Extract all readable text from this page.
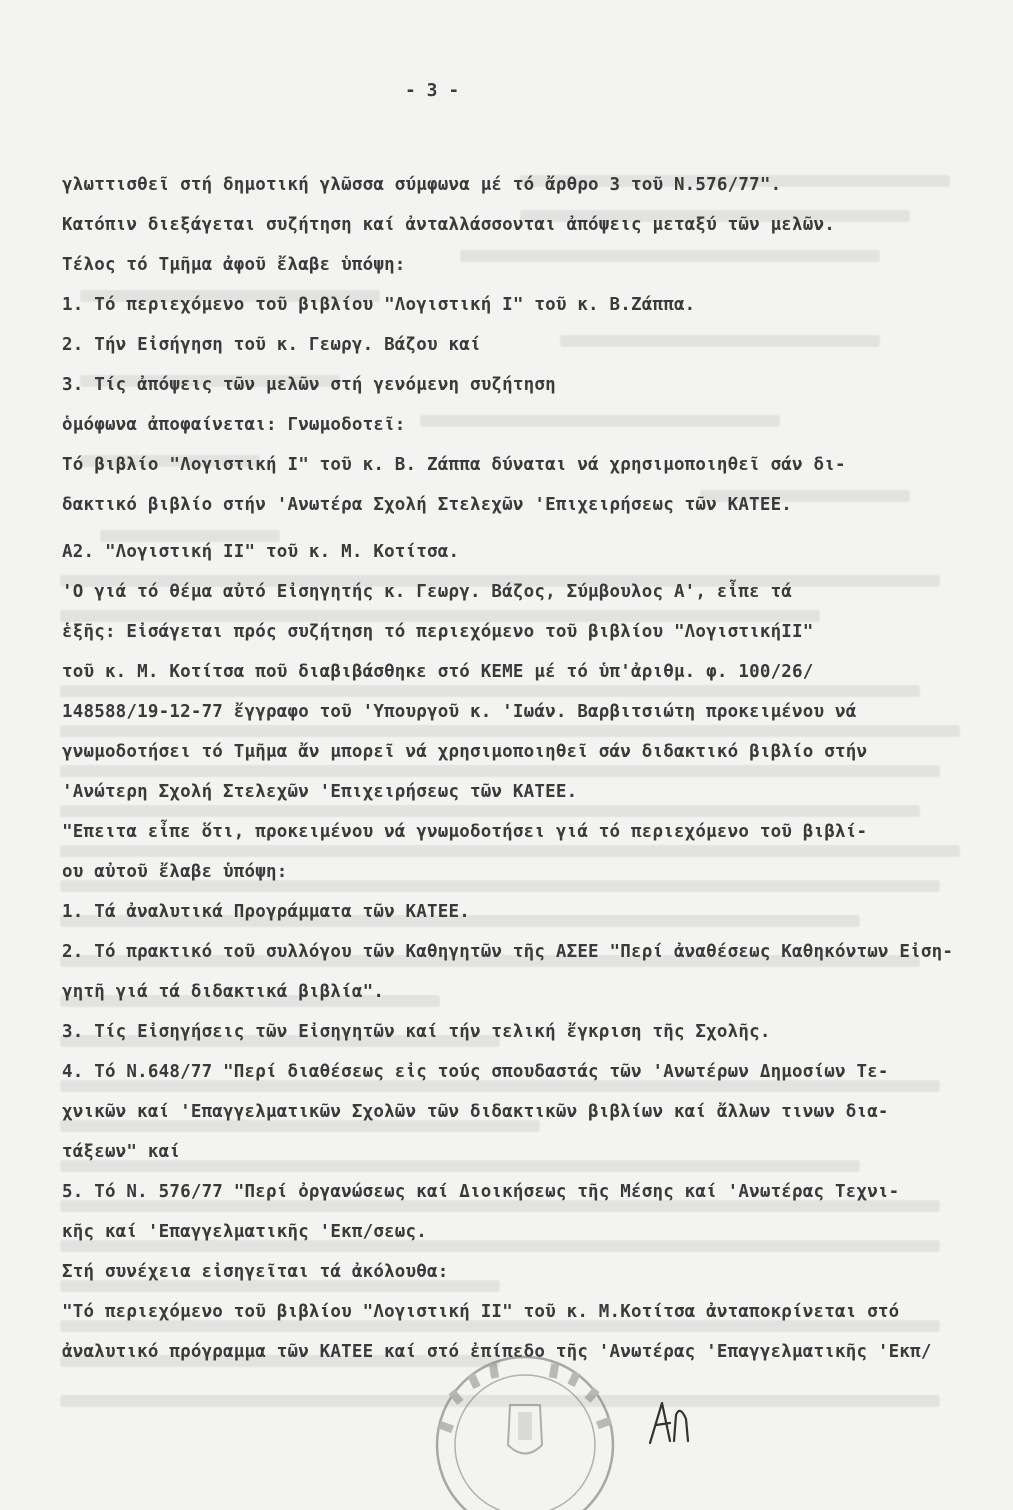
- 3 -
γλωττισθεῖ στή δημοτική γλῶσσα σύμφωνα μέ τό ἄρθρο 3 τοῦ Ν.576/77".
Κατόπιν διεξάγεται συζήτηση καί ἀνταλλάσσονται ἀπόψεις μεταξύ τῶν μελῶν.
Τέλος τό Τμῆμα ἀφοῦ ἔλαβε ὑπόψη:
1. Τό περιεχόμενο τοῦ βιβλίου "Λογιστική Ι" τοῦ κ. Β.Ζάππα.
2. Τήν Εἰσήγηση τοῦ κ. Γεωργ. Βάζου καί
3. Τίς ἀπόψεις τῶν μελῶν στή γενόμενη συζήτηση
ὁμόφωνα ἀποφαίνεται: Γνωμοδοτεῖ:
Τό βιβλίο "Λογιστική Ι" τοῦ κ. Β. Ζάππα δύναται νά χρησιμοποιηθεῖ σάν δι-
δακτικό βιβλίο στήν 'Ανωτέρα Σχολή Στελεχῶν 'Επιχειρήσεως τῶν ΚΑΤΕΕ.
Α2. "Λογιστική ΙΙ" τοῦ κ. Μ. Κοτίτσα.
'Ο γιά τό θέμα αὐτό Εἰσηγητής κ. Γεωργ. Βάζος, Σύμβουλος Α', εἶπε τά
ἑξῆς: Εἰσάγεται πρός συζήτηση τό περιεχόμενο τοῦ βιβλίου "ΛογιστικήΙΙ"
τοῦ κ. Μ. Κοτίτσα ποῦ διαβιβάσθηκε στό ΚΕΜΕ μέ τό ὑπ'ἀριθμ. φ. 100/26/
148588/19-12-77 ἔγγραφο τοῦ 'Υπουργοῦ κ. 'Ιωάν. Βαρβιτσιώτη προκειμένου νά
γνωμοδοτήσει τό Τμῆμα ἄν μπορεῖ νά χρησιμοποιηθεῖ σάν διδακτικό βιβλίο στήν
'Ανώτερη Σχολή Στελεχῶν 'Επιχειρήσεως τῶν ΚΑΤΕΕ.
"Επειτα εἶπε ὅτι, προκειμένου νά γνωμοδοτήσει γιά τό περιεχόμενο τοῦ βιβλί-
ου αὐτοῦ ἔλαβε ὑπόψη:
1. Τά ἀναλυτικά Προγράμματα τῶν ΚΑΤΕΕ.
2. Τό πρακτικό τοῦ συλλόγου τῶν Καθηγητῶν τῆς ΑΣΕΕ "Περί ἀναθέσεως Καθηκόντων Εἰση-
γητῆ γιά τά διδακτικά βιβλία".
3. Τίς Εἰσηγήσεις τῶν Εἰσηγητῶν καί τήν τελική ἔγκριση τῆς Σχολῆς.
4. Τό Ν.648/77 "Περί διαθέσεως εἰς τούς σπουδαστάς τῶν 'Ανωτέρων Δημοσίων Τε-
χνικῶν καί 'Επαγγελματικῶν Σχολῶν τῶν διδακτικῶν βιβλίων καί ἄλλων τινων δια-
τάξεων" καί
5. Τό Ν. 576/77 "Περί ὀργανώσεως καί Διοικήσεως τῆς Μέσης καί 'Ανωτέρας Τεχνι-
κῆς καί 'Επαγγελματικῆς 'Εκπ/σεως.
Στή συνέχεια εἰσηγεῖται τά ἀκόλουθα:
"Τό περιεχόμενο τοῦ βιβλίου "Λογιστική ΙΙ" τοῦ κ. Μ.Κοτίτσα ἀνταποκρίνεται στό
ἀναλυτικό πρόγραμμα τῶν ΚΑΤΕΕ καί στό ἐπίπεδο τῆς 'Ανωτέρας 'Επαγγελματικῆς 'Εκπ/
